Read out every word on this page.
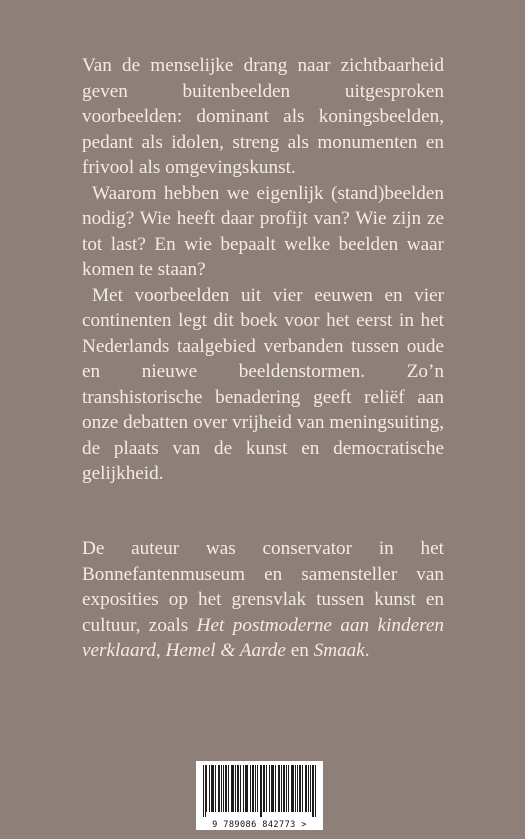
Van de menselijke drang naar zichtbaarheid geven buitenbeelden uitgesproken voorbeelden: dominant als koningsbeelden, pedant als idolen, streng als monumenten en frivool als omgevingskunst.

Waarom hebben we eigenlijk (stand)beelden nodig? Wie heeft daar profijt van? Wie zijn ze tot last? En wie bepaalt welke beelden waar komen te staan?

Met voorbeelden uit vier eeuwen en vier continenten legt dit boek voor het eerst in het Nederlands taalgebied verbanden tussen oude en nieuwe beeldenstormen. Zo’n transhistorische benadering geeft reliëf aan onze debatten over vrijheid van meningsuiting, de plaats van de kunst en democratische gelijkheid.

De auteur was conservator in het Bonnefantenmuseum en samensteller van exposities op het grensvlak tussen kunst en cultuur, zoals Het postmoderne aan kinderen verklaard, Hemel & Aarde en Smaak.

9 789086 842773 >
